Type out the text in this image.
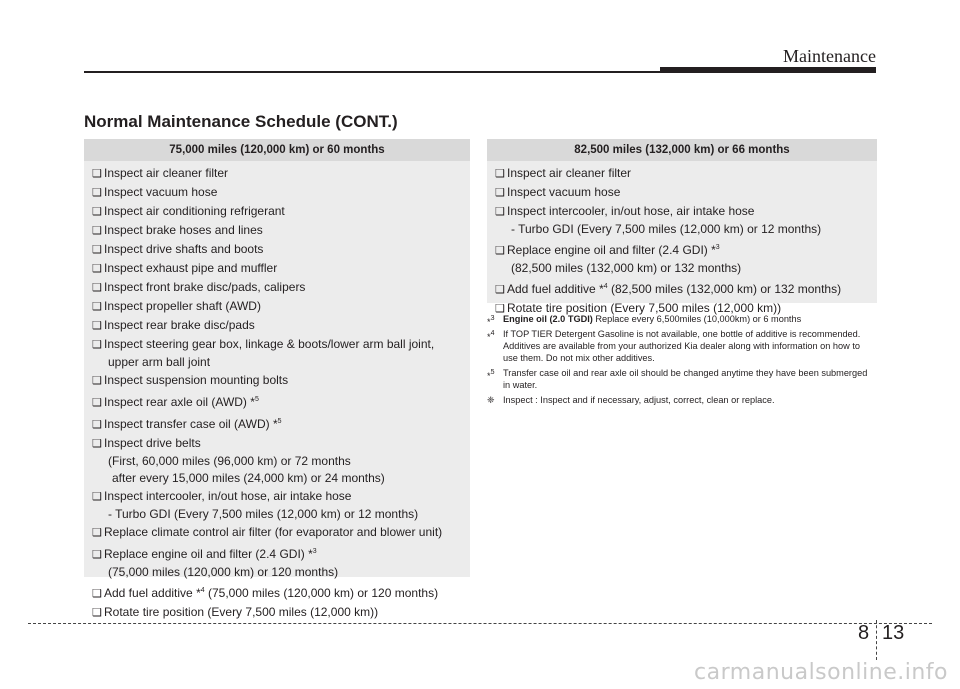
Maintenance
Normal Maintenance Schedule (CONT.)
75,000 miles (120,000 km) or 60 months
❑ Inspect air cleaner filter
❑ Inspect vacuum hose
❑ Inspect air conditioning refrigerant
❑ Inspect brake hoses and lines
❑ Inspect drive shafts and boots
❑ Inspect exhaust pipe and muffler
❑ Inspect front brake disc/pads, calipers
❑ Inspect propeller shaft (AWD)
❑ Inspect rear brake disc/pads
❑ Inspect steering gear box, linkage & boots/lower arm ball joint,
upper arm ball joint
❑ Inspect suspension mounting bolts
❑ Inspect rear axle oil (AWD) *$^5$
❑ Inspect transfer case oil (AWD) *$^5$
❑ Inspect drive belts
(First, 60,000 miles (96,000 km) or 72 months
after every 15,000 miles (24,000 km) or 24 months)
❑ Inspect intercooler, in/out hose, air intake hose
- Turbo GDI (Every 7,500 miles (12,000 km) or 12 months)
❑ Replace climate control air filter (for evaporator and blower unit)
❑ Replace engine oil and filter (2.4 GDI) *$^3$
(75,000 miles (120,000 km) or 120 months)
❑ Add fuel additive *$^4$ (75,000 miles (120,000 km) or 120 months)
❑ Rotate tire position (Every 7,500 miles (12,000 km))
82,500 miles (132,000 km) or 66 months
❑ Inspect air cleaner filter
❑ Inspect vacuum hose
❑ Inspect intercooler, in/out hose, air intake hose
- Turbo GDI (Every 7,500 miles (12,000 km) or 12 months)
❑ Replace engine oil and filter (2.4 GDI) *$^3$
(82,500 miles (132,000 km) or 132 months)
❑ Add fuel additive *$^4$ (82,500 miles (132,000 km) or 132 months)
❑ Rotate tire position (Every 7,500 miles (12,000 km))
*$^3$ Engine oil (2.0 TGDI) Replace every 6,500miles (10,000km) or 6 months
*$^4$ If TOP TIER Detergent Gasoline is not available, one bottle of additive is recommended. Additives are available from your authorized Kia dealer along with information on how to use them. Do not mix other additives.
*$^5$ Transfer case oil and rear axle oil should be changed anytime they have been submerged in water.
❈ Inspect : Inspect and if necessary, adjust, correct, clean or replace.
8 13
carmanualsonline.info
